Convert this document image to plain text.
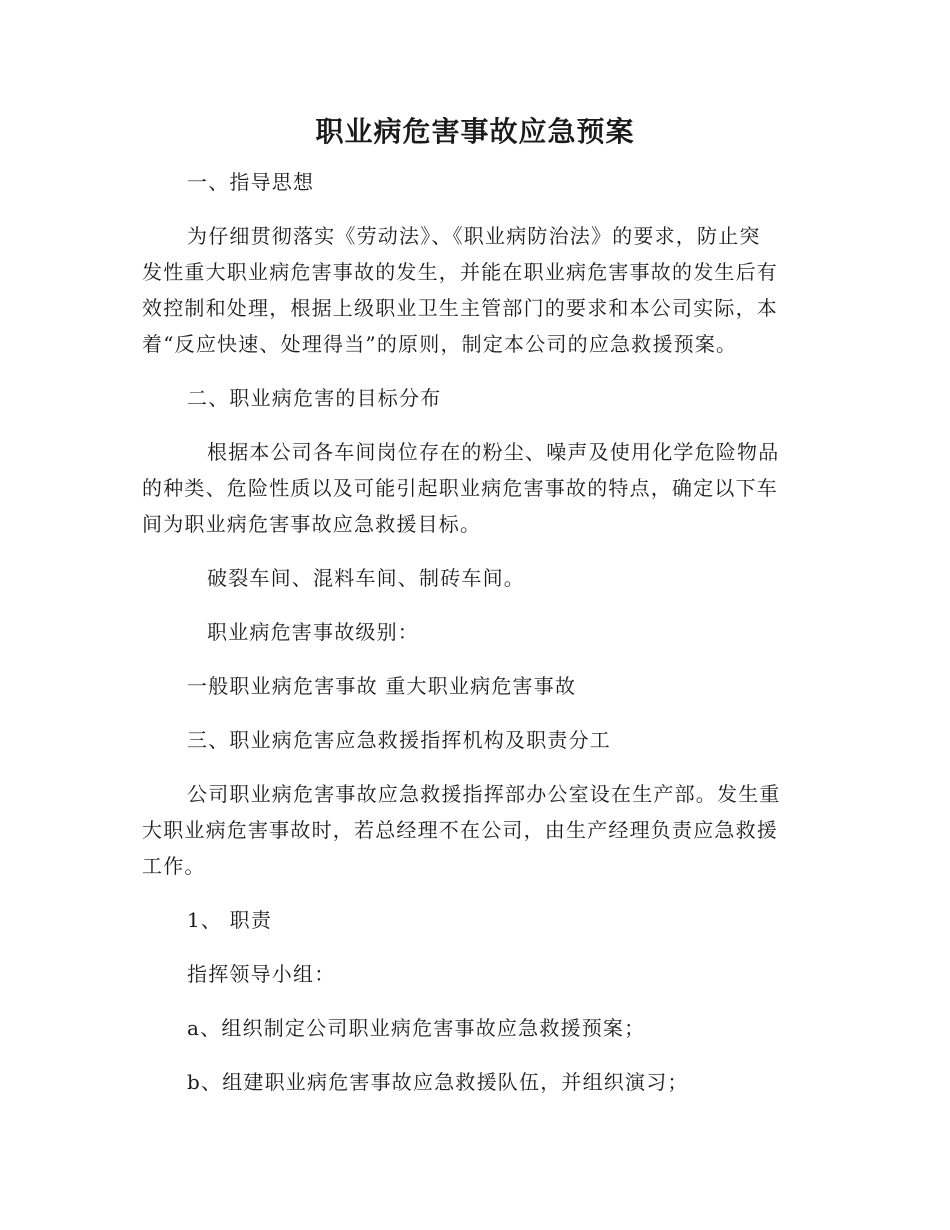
职业病危害事故应急预案

一、指导思想

为仔细贯彻落实《劳动法》、《职业病防治法》的要求，防止突

发性重大职业病危害事故的发生，并能在职业病危害事故的发生后有

效控制和处理，根据上级职业卫生主管部门的要求和本公司实际，本

着“反应快速、处理得当”的原则，制定本公司的应急救援预案。

二、职业病危害的目标分布

根据本公司各车间岗位存在的粉尘、噪声及使用化学危险物品

的种类、危险性质以及可能引起职业病危害事故的特点，确定以下车

间为职业病危害事故应急救援目标。

破裂车间、混料车间、制砖车间。

职业病危害事故级别：

一般职业病危害事故 重大职业病危害事故

三、职业病危害应急救援指挥机构及职责分工

公司职业病危害事故应急救援指挥部办公室设在生产部。发生重

大职业病危害事故时，若总经理不在公司，由生产经理负责应急救援

工作。

1、 职责

指挥领导小组：

a、组织制定公司职业病危害事故应急救援预案；

b、组建职业病危害事故应急救援队伍，并组织演习；
